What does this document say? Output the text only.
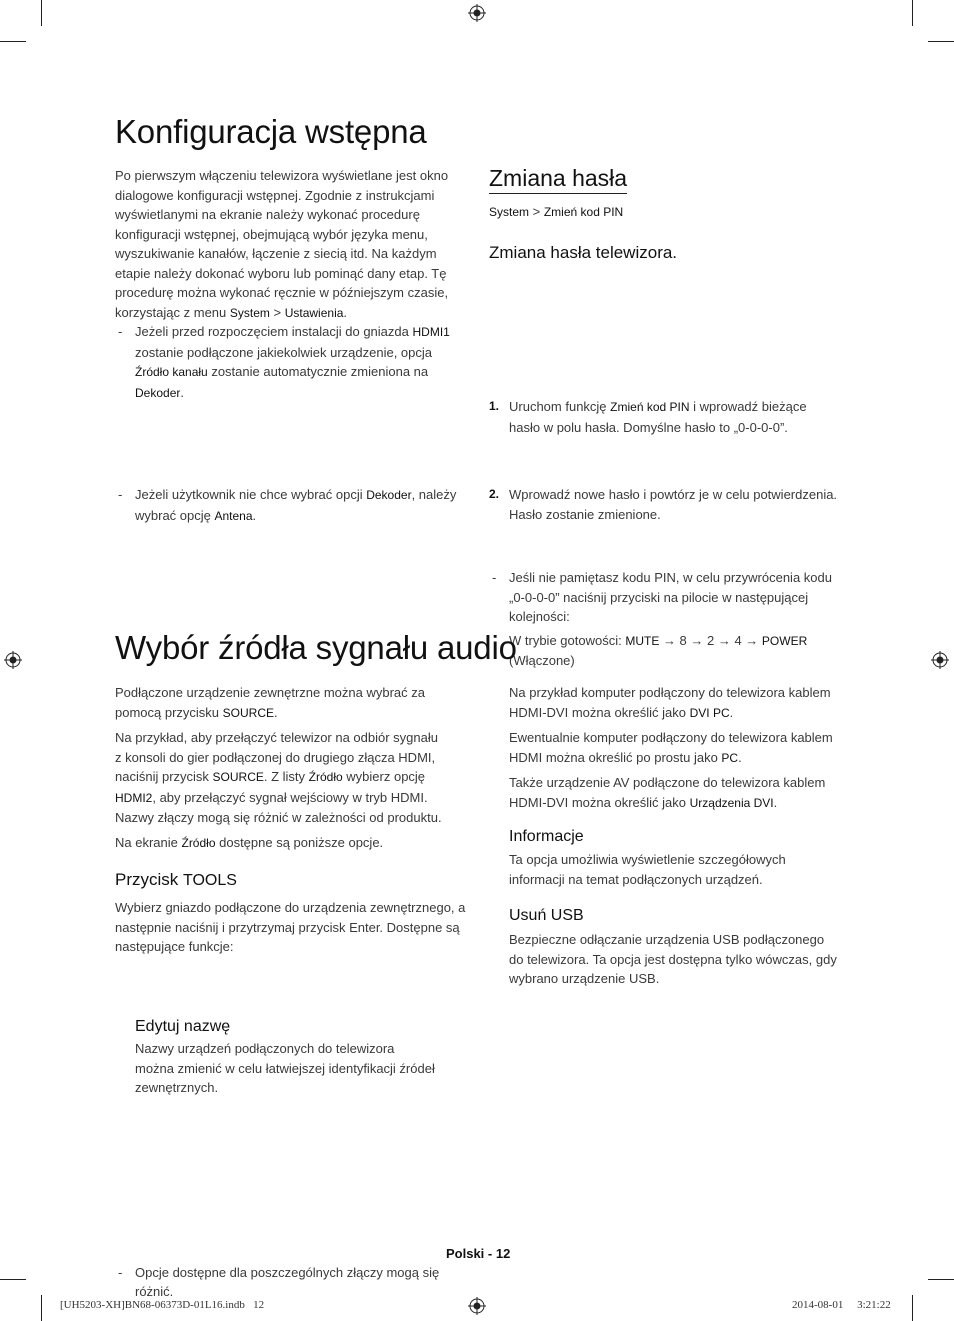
Konfiguracja wstępna

Po pierwszym włączeniu telewizora wyświetlane jest okno

dialogowe konfiguracji wstępnej. Zgodnie z instrukcjami

wyświetlanymi na ekranie należy wykonać procedurę

konfiguracji wstępnej, obejmującą wybór języka menu,

wyszukiwanie kanałów, łączenie z siecią itd. Na każdym

etapie należy dokonać wyboru lub pominąć dany etap. Tę

procedurę można wykonać ręcznie w późniejszym czasie,

korzystając z menu System > Ustawienia.

- Jeżeli przed rozpoczęciem instalacji do gniazda HDMI1

zostanie podłączone jakiekolwiek urządzenie, opcja

Źródło kanału zostanie automatycznie zmieniona na

Dekoder.

- Jeżeli użytkownik nie chce wybrać opcji Dekoder, należy

wybrać opcję Antena.

Zmiana hasła

System > Zmień kod PIN

Zmiana hasła telewizora.
1. Uruchom funkcję Zmień kod PIN i wprowadź bieżące

hasło w polu hasła. Domyślne hasło to „0-0-0-0”.

2. Wprowadź nowe hasło i powtórz je w celu potwierdzenia.

Hasło zostanie zmienione.

- Jeśli nie pamiętasz kodu PIN, w celu przywrócenia kodu

„0-0-0-0” naciśnij przyciski na pilocie w następującej

kolejności:

W trybie gotowości: MUTE → 8 → 2 → 4 → POWER

(Włączone)

Wybór źródła sygnału audio

Podłączone urządzenie zewnętrzne można wybrać za

pomocą przycisku SOURCE.

Na przykład, aby przełączyć telewizor na odbiór sygnału

z konsoli do gier podłączonej do drugiego złącza HDMI,

naciśnij przycisk SOURCE. Z listy Źródło wybierz opcję

HDMI2, aby przełączyć sygnał wejściowy w tryb HDMI.

Nazwy złączy mogą się różnić w zależności od produktu.

Na ekranie Źródło dostępne są poniższe opcje.

Przycisk TOOLS

Wybierz gniazdo podłączone do urządzenia zewnętrznego, a

następnie naciśnij i przytrzymaj przycisk Enter. Dostępne są

następujące funkcje:

- Opcje dostępne dla poszczególnych złączy mogą się

różnić.

Edytuj nazwę

Nazwy urządzeń podłączonych do telewizora

można zmienić w celu łatwiejszej identyfikacji źródeł

zewnętrznych.

Na przykład komputer podłączony do telewizora kablem

HDMI-DVI można określić jako DVI PC.

Ewentualnie komputer podłączony do telewizora kablem

HDMI można określić po prostu jako PC.

Także urządzenie AV podłączone do telewizora kablem

HDMI-DVI można określić jako Urządzenia DVI.

Informacje

Ta opcja umożliwia wyświetlenie szczegółowych

informacji na temat podłączonych urządzeń.

Usuń USB

Bezpieczne odłączanie urządzenia USB podłączonego

do telewizora. Ta opcja jest dostępna tylko wówczas, gdy

wybrano urządzenie USB.

Polski - 12

[UH5203-XH]BN68-06373D-01L16.indb   12	2014-08-01     3:21:22
